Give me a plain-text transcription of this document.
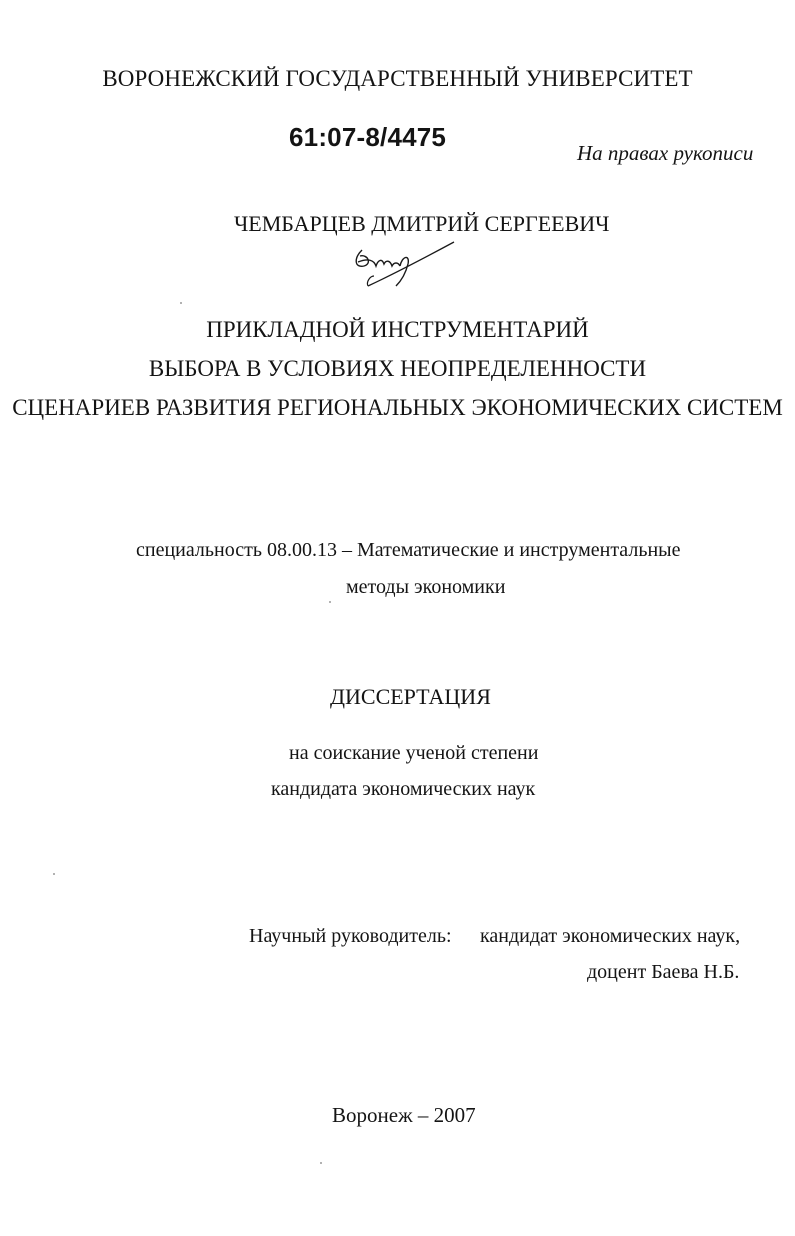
ВОРОНЕЖСКИЙ ГОСУДАРСТВЕННЫЙ УНИВЕРСИТЕТ
61:07-8/4475
На правах рукописи
ЧЕМБАРЦЕВ ДМИТРИЙ СЕРГЕЕВИЧ
ПРИКЛАДНОЙ ИНСТРУМЕНТАРИЙ
ВЫБОРА В УСЛОВИЯХ НЕОПРЕДЕЛЕННОСТИ
СЦЕНАРИЕВ РАЗВИТИЯ РЕГИОНАЛЬНЫХ ЭКОНОМИЧЕСКИХ СИСТЕМ
специальность 08.00.13 – Математические и инструментальные
методы экономики
ДИССЕРТАЦИЯ
на соискание ученой степени
кандидата экономических наук
Научный руководитель: кандидат экономических наук,
доцент Баева Н.Б.
Воронеж – 2007
